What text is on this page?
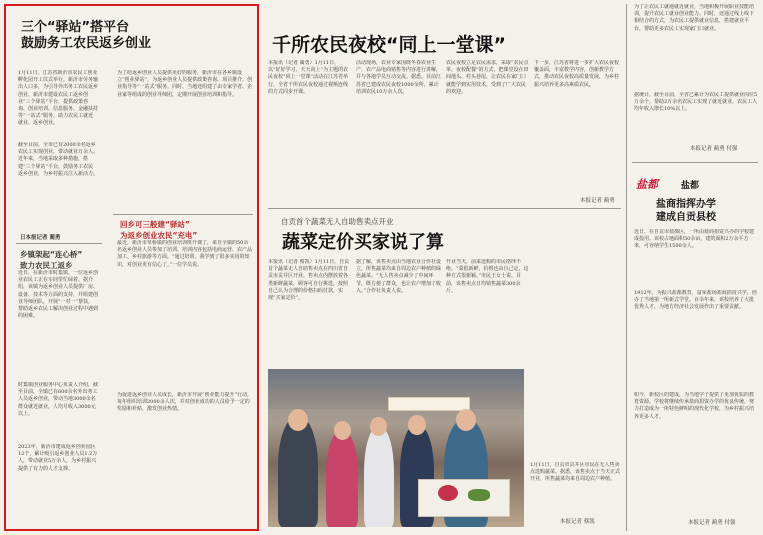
三个“驿站”搭平台
鼓励务工农民返乡创业
1月11日，江苏省新沂市农民工创业孵化园开工仪式举行。新沂市劳务输出人口多，为引导外出务工农民返乡创业，新沂市建设农民工返乡创业“三个驿站”平台，提供政策咨询、创业培训、信息服务、金融扶持等“一站式”服务，助力农民工就近就业、返乡创业。
截至目前，全市已有2000余名返乡农民工实现创业，带动就业万余人。近年来，当地采取多种措施，搭建“三个驿站”平台，鼓励务工农民返乡创业，为乡村振兴注入新活力。
日本报记者 蔺勇
乡镇架起“连心桥”
致力农民工返乡
近日，在新沂市时集镇，一位返乡创业农民工正在车间里忙碌着。据介绍，该镇为返乡创业人员提供厂房、设备、技术等方面的支持，并组建创业导师团队，开展“一对一”帮扶，帮助返乡农民工解决创业过程中遇到的困难。
时集镇创业服务中心负责人介绍，截至目前，全镇已有600余名外出务工人员返乡创业，带动当地3000余名群众就近就业，人均月收入3000元以上。
2023年，新沂市建成返乡创业园区12个，累计吸引返乡创业人员1.2万人，带动就业5万余人，为乡村振兴提供了有力的人才支撑。
为了给返乡创业人员提供更好的服务，新沂市在各乡镇设立“创业驿站”，为返乡创业人员提供政策咨询、项目推介、创业指导等“一站式”服务。同时，当地还组建了由专家学者、企业家等组成的创业导师团，定期开展创业培训和指导。
回乡可三般建“驿站”
为返乡创业农民“充电”
最近，新沂市草桥镇的创业培训班开课了，来自全镇的50余名返乡创业人员参加了培训。培训内容包括电商运营、农产品加工、乡村旅游等方面。“通过培训，我学到了很多实用的知识，对创业更有信心了。”一位学员说。
为促进返乡创业人员成长，新沂市开展“创业能力提升”行动，每年组织培训2000余人次，并对创业成功的人员给予一定的奖励和补贴，激发创业热情。
千所农民夜校“同上一堂课”
本报讯（记者 蔺勇）1月11日，以“好好学习，天天向上”为主题的农民夜校“同上一堂课”活动在江苏省举行，全省千所农民夜校通过视频连线的方式同步开课。
活动现场，农业专家围绕冬春农业生产、农产品电商销售等内容进行讲解，并与各地学员互动交流。据悉，目前江苏省已建成农民夜校1000余所，累计培训农民10万余人次。
农民夜校立足农民需求，采取“农民点单、夜校配餐”的方式，把课堂设在田间地头、村头巷尾，让农民在家门口就能学到实用技术，受到了广大农民的欢迎。
下一步，江苏省将进一步扩大农民夜校覆盖面，丰富教学内容，创新教学方式，推动农民夜校高质量发展，为乡村振兴培养更多高素质农民。
本报记者 蔺勇
自贡首个蔬菜无人自助售卖点开业
蔬菜定价买家说了算
本报讯（记者 蔡凯）1月11日，自贡首个蔬菜无人自助售卖点在四川省自贡市贡井区开业。售卖点内摆放着各类新鲜蔬菜，顾客可自行挑选，按照自己认为合理的价格扫码付款，实现“买家定价”。
据了解，该售卖点由当地农业合作社设立，所售蔬菜均来自周边农户种植的绿色蔬菜。“无人售卖点减少了中间环节，既方便了群众，也让农户增加了收入。”合作社负责人说。
开业当天，前来选购的市民络绎不绝。“菜很新鲜，价格也由自己定，这种方式很新颖。”市民王女士说。目前，该售卖点日均销售蔬菜300余斤。
1月11日，自贡市贡井区市民在无人售卖点选购蔬菜。据悉，该售卖点于当天正式开业，所售蔬菜均来自周边农户种植。
本报记者 蔡凯
为了让农民工就地就近就业，当地积极开展职业技能培训，提升农民工就业创业能力。同时，还通过线上线下相结合的方式，为农民工提供就业信息，搭建就业平台，帮助更多农民工实现家门口就业。
据统计，截至目前，全省已累计为农民工提供就业岗位5万余个，帮助2万余名农民工实现了就近就业，农民工人均年收入增长10%以上。
本报记者 蔺勇 付强
盐都	盐都
盐商指挥办学
建成自贡县校
近日，在自贡市盐都区，一所由盐商捐资兴办的学校建成投用。该校占地面积50余亩，建筑面积2万余平方米，可容纳学生1500余人。
1912年，为振兴盐都教育，富荣盐场盐商捐资兴学，创办了当地第一所新式学堂。百余年来，该校培养了大批优秀人才，为地方经济社会发展作出了重要贡献。
如今，新校区的建成，为当地学子提供了更加优质的教育资源。学校将继续传承盐商捐资办学的优良传统，努力打造成为一所特色鲜明的现代化学校，为乡村振兴培养更多人才。
本报记者 蔺勇 付强
